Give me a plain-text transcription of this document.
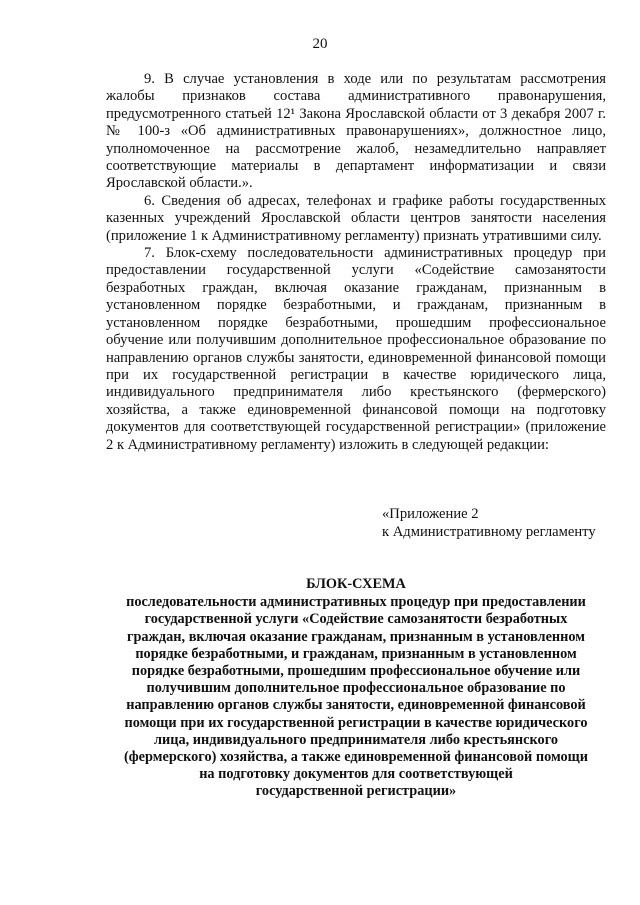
20

9. В случае установления в ходе или по результатам рассмотрения жалобы признаков состава административного правонарушения, предусмотренного статьей 12¹ Закона Ярославской области от 3 декабря 2007 г. № 100-з «Об административных правонарушениях», должностное лицо, уполномоченное на рассмотрение жалоб, незамедлительно направляет соответствующие материалы в департамент информатизации и связи Ярославской области.».

6. Сведения об адресах, телефонах и графике работы государственных казенных учреждений Ярославской области центров занятости населения (приложение 1 к Административному регламенту) признать утратившими силу.

7. Блок-схему последовательности административных процедур при предоставлении государственной услуги «Содействие самозанятости безработных граждан, включая оказание гражданам, признанным в установленном порядке безработными, и гражданам, признанным в установленном порядке безработными, прошедшим профессиональное обучение или получившим дополнительное профессиональное образование по направлению органов службы занятости, единовременной финансовой помощи при их государственной регистрации в качестве юридического лица, индивидуального предпринимателя либо крестьянского (фермерского) хозяйства, а также единовременной финансовой помощи на подготовку документов для соответствующей государственной регистрации» (приложение 2 к Административному регламенту) изложить в следующей редакции:

«Приложение 2
к Административному регламенту
БЛОК-СХЕМА
последовательности административных процедур при предоставлении
государственной услуги «Содействие самозанятости безработных
граждан, включая оказание гражданам, признанным в установленном
порядке безработными, и гражданам, признанным в установленном
порядке безработными, прошедшим профессиональное обучение или
получившим дополнительное профессиональное образование по
направлению органов службы занятости, единовременной финансовой
помощи при их государственной регистрации в качестве юридического
лица, индивидуального предпринимателя либо крестьянского
(фермерского) хозяйства, а также единовременной финансовой помощи
на подготовку документов для соответствующей
государственной регистрации»
